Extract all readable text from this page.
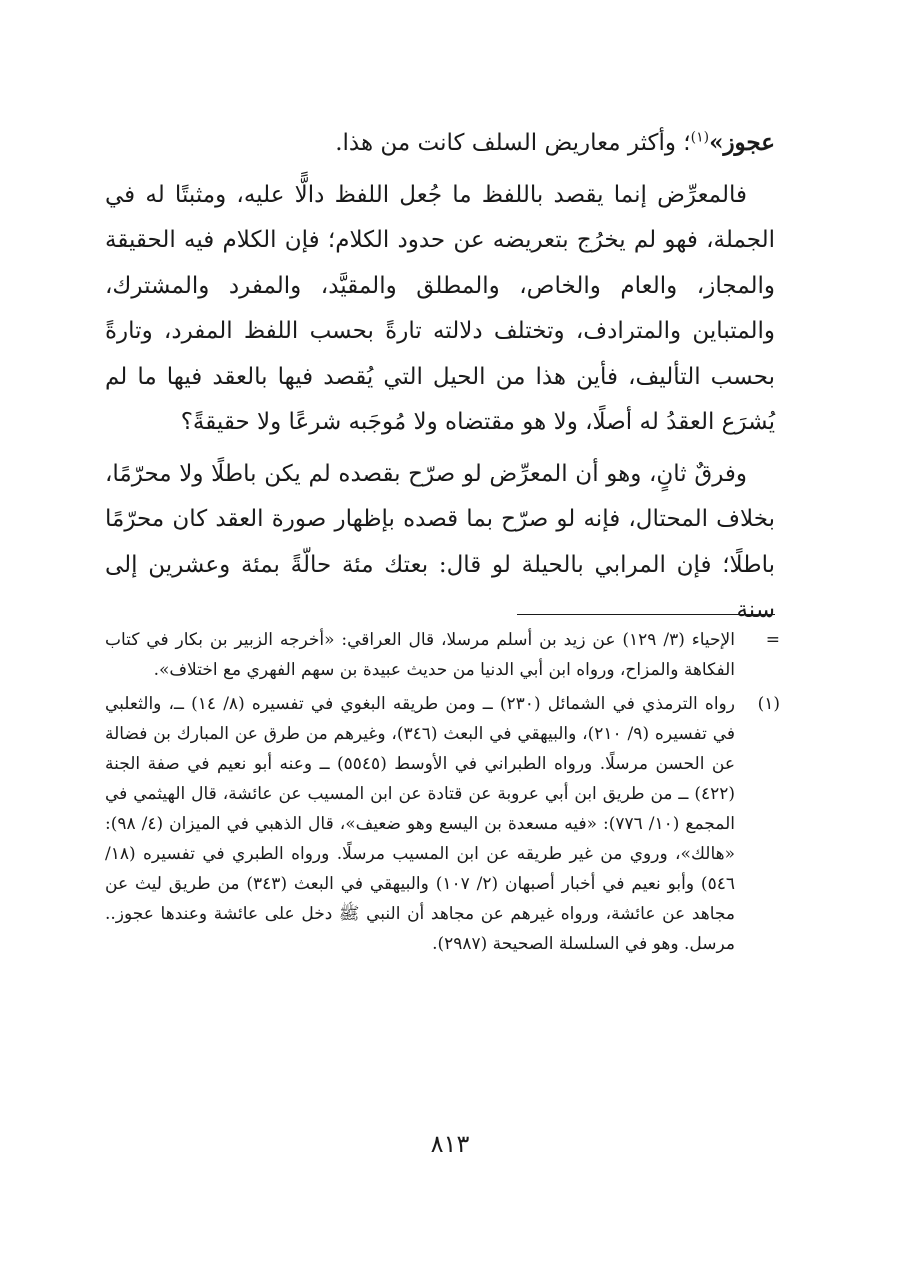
عجوز»$^{(١)}$؛ وأكثر معاريض السلف كانت من هذا.

فالمعرِّض إنما يقصد باللفظ ما جُعل اللفظ دالًّا عليه، ومثبتًا له في الجملة، فهو لم يخرُج بتعريضه عن حدود الكلام؛ فإن الكلام فيه الحقيقة والمجاز، والعام والخاص، والمطلق والمقيَّد، والمفرد والمشترك، والمتباين والمترادف، وتختلف دلالته تارةً بحسب اللفظ المفرد، وتارةً بحسب التأليف، فأين هذا من الحيل التي يُقصد فيها بالعقد فيها ما لم يُشرَع العقدُ له أصلًا، ولا هو مقتضاه ولا مُوجَبه شرعًا ولا حقيقةً؟

وفرقٌ ثانٍ، وهو أن المعرِّض لو صرّح بقصده لم يكن باطلًا ولا محرّمًا، بخلاف المحتال، فإنه لو صرّح بما قصده بإظهار صورة العقد كان محرّمًا باطلًا؛ فإن المرابي بالحيلة لو قال: بعتك مئة حالّةً بمئة وعشرين إلى سنة

=
الإحياء (٣/ ١٢٩) عن زيد بن أسلم مرسلا، قال العراقي: «أخرجه الزبير بن بكار في كتاب الفكاهة والمزاح، ورواه ابن أبي الدنيا من حديث عبيدة بن سهم الفهري مع اختلاف».
(١)
رواه الترمذي في الشمائل (٢٣٠) ــ ومن طريقه البغوي في تفسيره (٨/ ١٤) ــ، والثعلبي في تفسيره (٩/ ٢١٠)، والبيهقي في البعث (٣٤٦)، وغيرهم من طرق عن المبارك بن فضالة عن الحسن مرسلًا. ورواه الطبراني في الأوسط (٥٥٤٥) ــ وعنه أبو نعيم في صفة الجنة (٤٢٢) ــ من طريق ابن أبي عروبة عن قتادة عن ابن المسيب عن عائشة، قال الهيثمي في المجمع (١٠/ ٧٧٦): «فيه مسعدة بن اليسع وهو ضعيف»، قال الذهبي في الميزان (٤/ ٩٨): «هالك»، وروي من غير طريقه عن ابن المسيب مرسلًا. ورواه الطبري في تفسيره (١٨/ ٥٤٦) وأبو نعيم في أخبار أصبهان (٢/ ١٠٧) والبيهقي في البعث (٣٤٣) من طريق ليث عن مجاهد عن عائشة، ورواه غيرهم عن مجاهد أن النبي ﷺ دخل على عائشة وعندها عجوز.. مرسل. وهو في السلسلة الصحيحة (٢٩٨٧).
٨١٣
